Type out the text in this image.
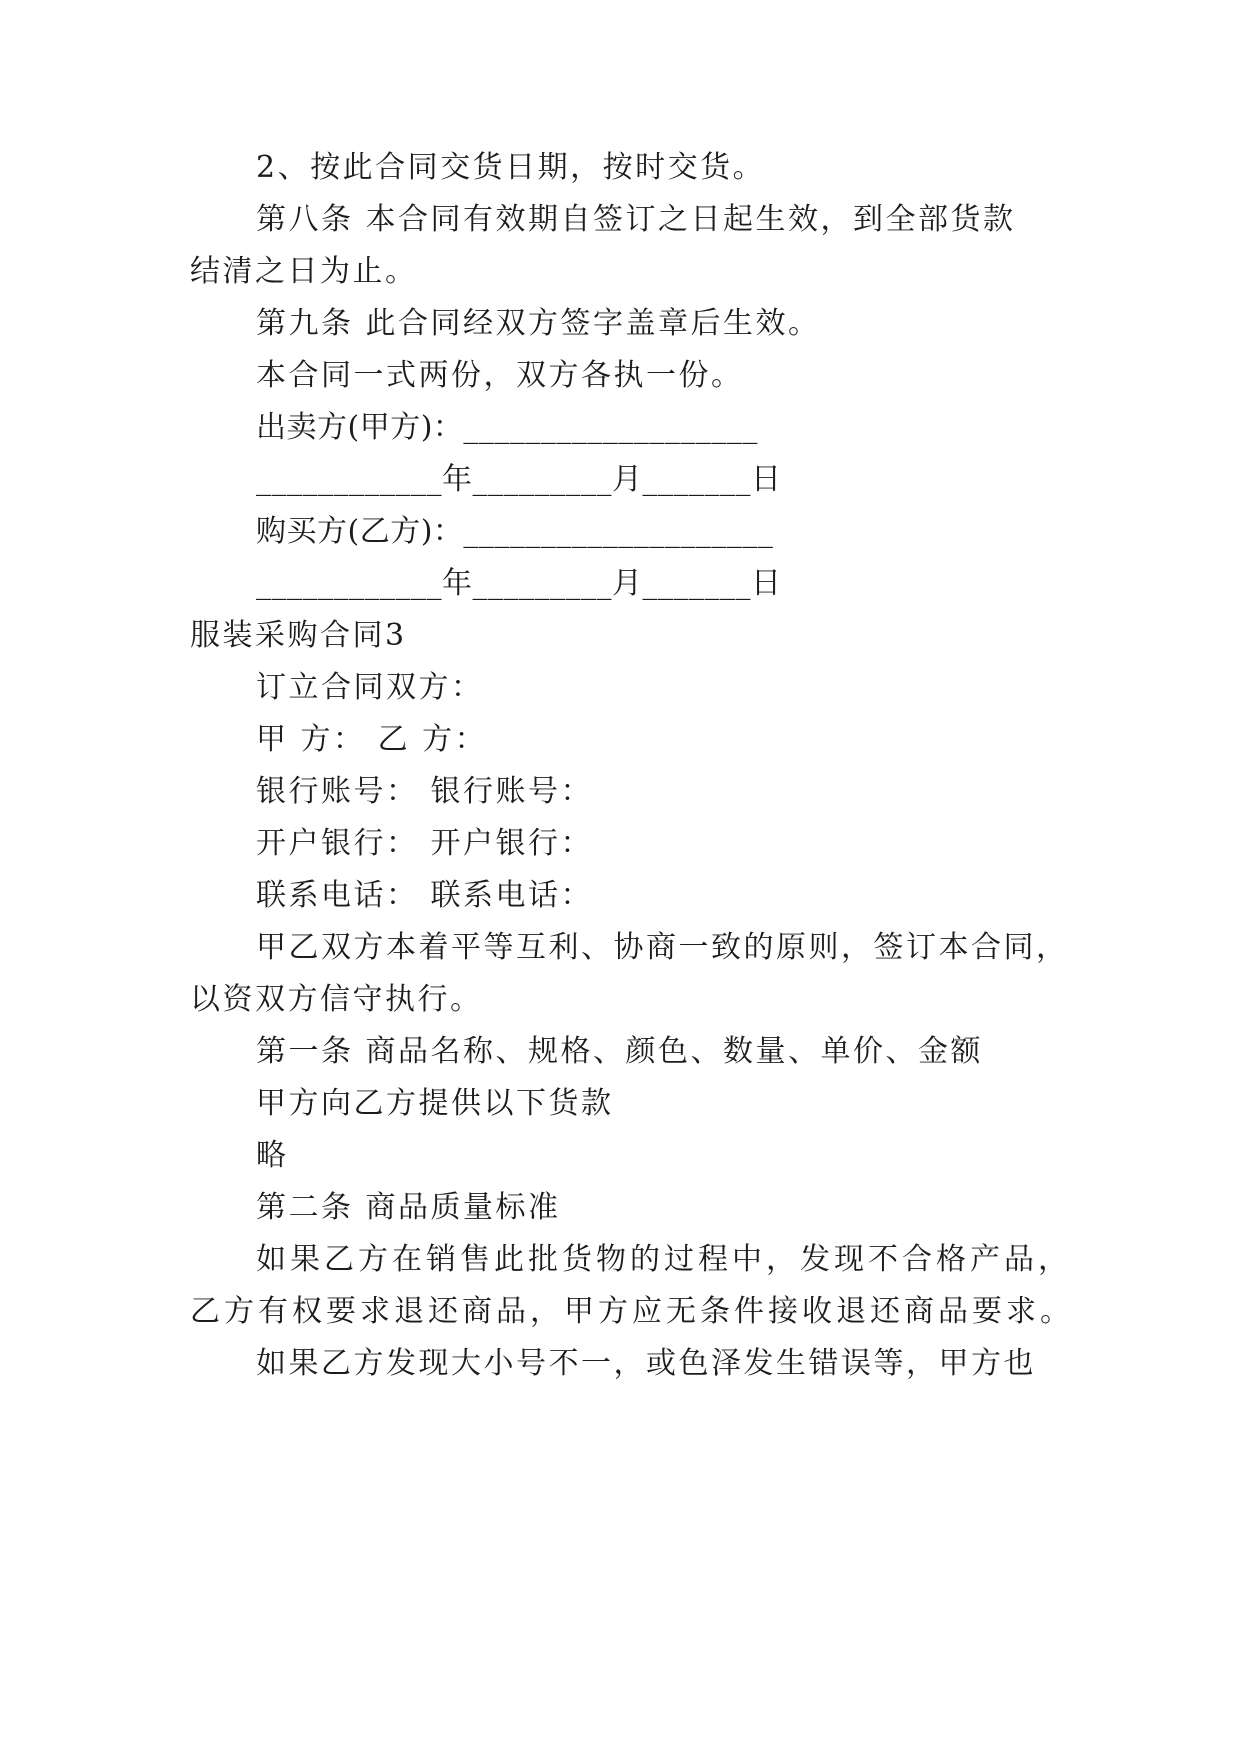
2、按此合同交货日期，按时交货。
第八条 本合同有效期自签订之日起生效，到全部货款
结清之日为止。
第九条 此合同经双方签字盖章后生效。
本合同一式两份，双方各执一份。
出卖方(甲方)：___________________
____________年_________月_______日
购买方(乙方)：____________________
____________年_________月_______日
服装采购合同3
订立合同双方：
甲 方： 乙 方：
银行账号： 银行账号：
开户银行： 开户银行：
联系电话： 联系电话：
甲乙双方本着平等互利、协商一致的原则，签订本合同，
以资双方信守执行。
第一条 商品名称、规格、颜色、数量、单价、金额
甲方向乙方提供以下货款
略
第二条 商品质量标准
如果乙方在销售此批货物的过程中，发现不合格产品，
乙方有权要求退还商品，甲方应无条件接收退还商品要求。
如果乙方发现大小号不一，或色泽发生错误等，甲方也
